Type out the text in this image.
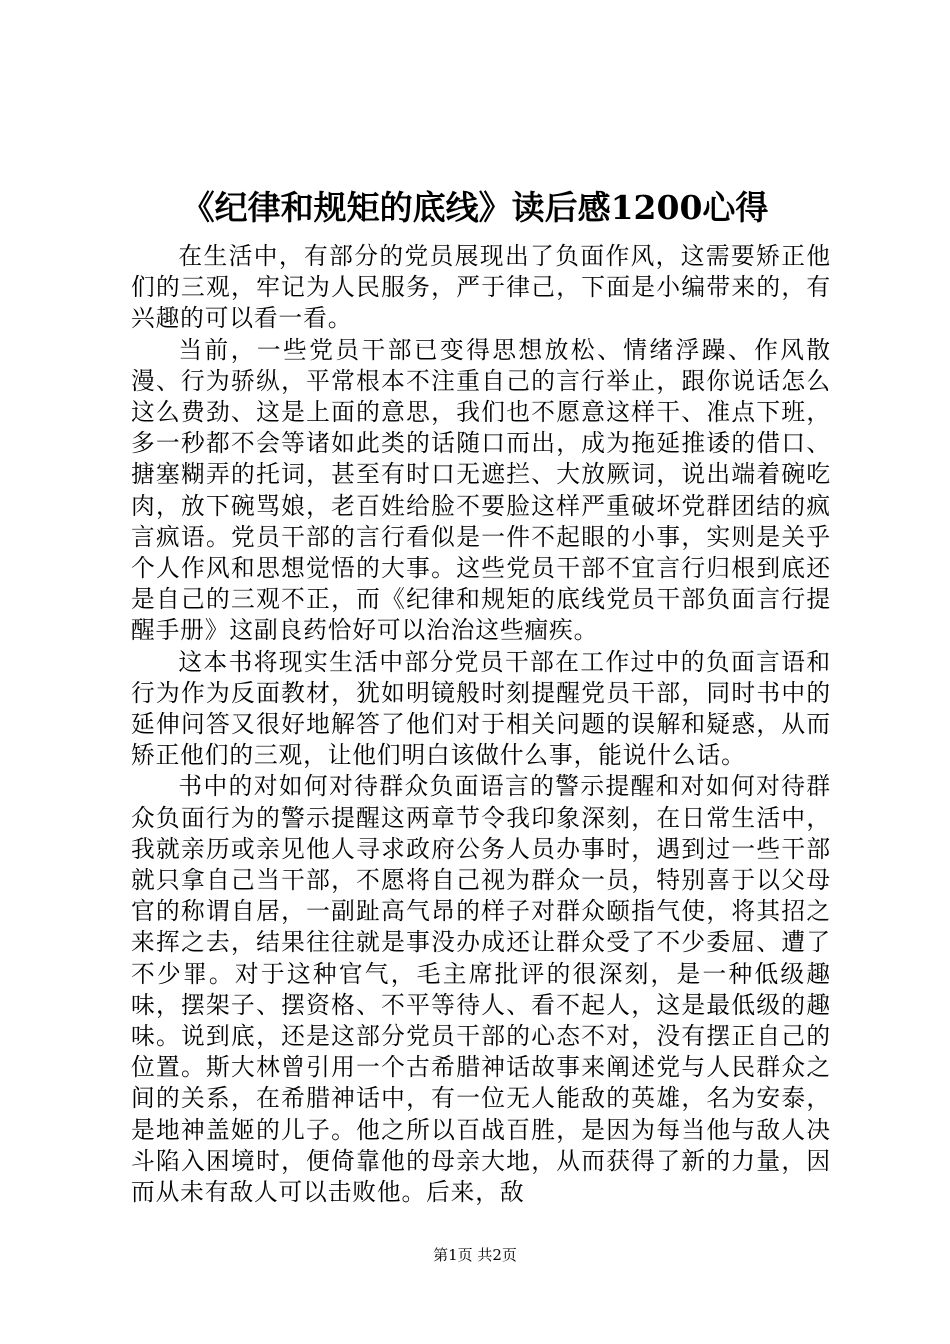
《纪律和规矩的底线》读后感1200心得

在生活中，有部分的党员展现出了负面作风，这需要矫正他们的三观，牢记为人民服务，严于律己，下面是小编带来的，有兴趣的可以看一看。

当前，一些党员干部已变得思想放松、情绪浮躁、作风散漫、行为骄纵，平常根本不注重自己的言行举止，跟你说话怎么这么费劲、这是上面的意思，我们也不愿意这样干、准点下班，多一秒都不会等诸如此类的话随口而出，成为拖延推诿的借口、搪塞糊弄的托词，甚至有时口无遮拦、大放厥词，说出端着碗吃肉，放下碗骂娘，老百姓给脸不要脸这样严重破坏党群团结的疯言疯语。党员干部的言行看似是一件不起眼的小事，实则是关乎个人作风和思想觉悟的大事。这些党员干部不宜言行归根到底还是自己的三观不正，而《纪律和规矩的底线党员干部负面言行提醒手册》这副良药恰好可以治治这些痼疾。

这本书将现实生活中部分党员干部在工作过中的负面言语和行为作为反面教材，犹如明镜般时刻提醒党员干部，同时书中的延伸问答又很好地解答了他们对于相关问题的误解和疑惑，从而矫正他们的三观，让他们明白该做什么事，能说什么话。

书中的对如何对待群众负面语言的警示提醒和对如何对待群众负面行为的警示提醒这两章节令我印象深刻，在日常生活中，我就亲历或亲见他人寻求政府公务人员办事时，遇到过一些干部就只拿自己当干部，不愿将自己视为群众一员，特别喜于以父母官的称谓自居，一副趾高气昂的样子对群众颐指气使，将其招之来挥之去，结果往往就是事没办成还让群众受了不少委屈、遭了不少罪。对于这种官气，毛主席批评的很深刻，是一种低级趣味，摆架子、摆资格、不平等待人、看不起人，这是最低级的趣味。说到底，还是这部分党员干部的心态不对，没有摆正自己的位置。斯大林曾引用一个古希腊神话故事来阐述党与人民群众之间的关系，在希腊神话中，有一位无人能敌的英雄，名为安泰，是地神盖姬的儿子。他之所以百战百胜，是因为每当他与敌人决斗陷入困境时，便倚靠他的母亲大地，从而获得了新的力量，因而从未有敌人可以击败他。后来，敌

第1页 共2页
